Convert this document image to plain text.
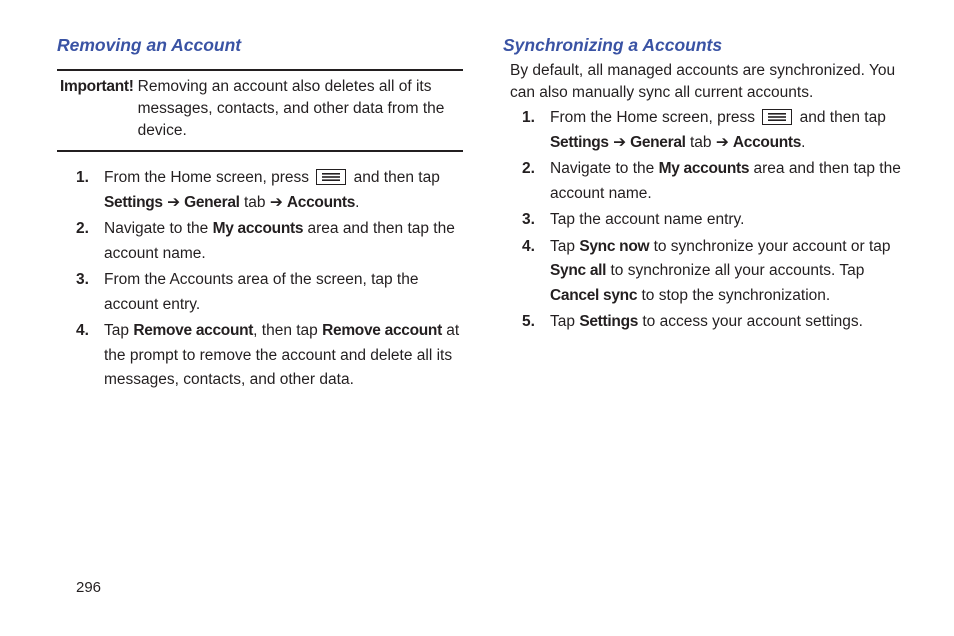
Removing an Account
Important! Removing an account also deletes all of its messages, contacts, and other data from the device.
1. From the Home screen, press	and then tap Settings ➔ General tab ➔ Accounts.
2. Navigate to the My accounts area and then tap the account name.
3. From the Accounts area of the screen, tap the account entry.
4. Tap Remove account, then tap Remove account at the prompt to remove the account and delete all its messages, contacts, and other data.
Synchronizing a Accounts

By default, all managed accounts are synchronized. You can also manually sync all current accounts.

1. From the Home screen, press	and then tap Settings ➔ General tab ➔ Accounts.
2. Navigate to the My accounts area and then tap the account name.
3. Tap the account name entry.
4. Tap Sync now to synchronize your account or tap Sync all to synchronize all your accounts. Tap Cancel sync to stop the synchronization.
5. Tap Settings to access your account settings.
296
